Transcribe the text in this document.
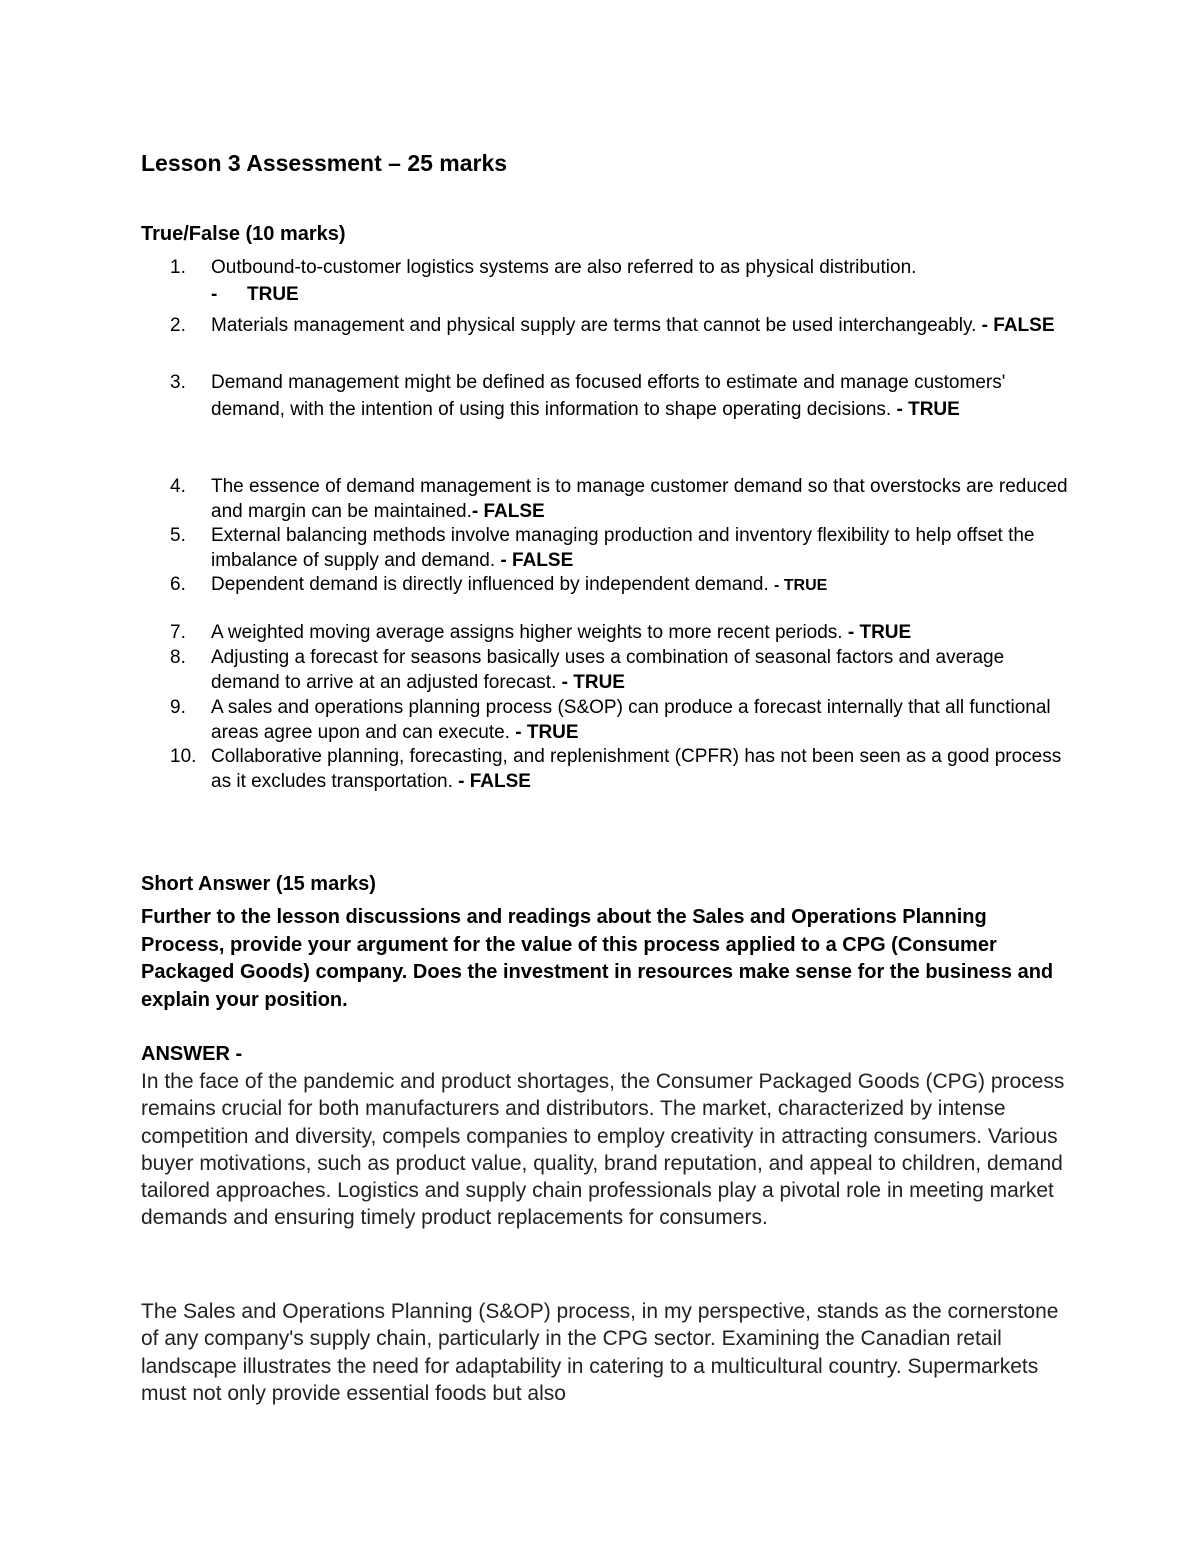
Lesson 3 Assessment – 25 marks
True/False (10 marks)
1.	Outbound-to-customer logistics systems are also referred to as physical distribution.
- TRUE
2.	Materials management and physical supply are terms that cannot be used interchangeably. - FALSE
3.	Demand management might be defined as focused efforts to estimate and manage customers' demand, with the intention of using this information to shape operating decisions. - TRUE
4.	The essence of demand management is to manage customer demand so that overstocks are reduced and margin can be maintained.- FALSE
5.	External balancing methods involve managing production and inventory flexibility to help offset the imbalance of supply and demand. - FALSE
6.	Dependent demand is directly influenced by independent demand. - TRUE
7.	A weighted moving average assigns higher weights to more recent periods. - TRUE
8.	Adjusting a forecast for seasons basically uses a combination of seasonal factors and average demand to arrive at an adjusted forecast. - TRUE
9.	A sales and operations planning process (S&OP) can produce a forecast internally that all functional areas agree upon and can execute. - TRUE
10. Collaborative planning, forecasting, and replenishment (CPFR) has not been seen as a good process as it excludes transportation. - FALSE
Short Answer (15 marks)
Further to the lesson discussions and readings about the Sales and Operations Planning Process, provide your argument for the value of this process applied to a CPG (Consumer Packaged Goods) company. Does the investment in resources make sense for the business and explain your position.
ANSWER -
In the face of the pandemic and product shortages, the Consumer Packaged Goods (CPG) process remains crucial for both manufacturers and distributors. The market, characterized by intense competition and diversity, compels companies to employ creativity in attracting consumers. Various buyer motivations, such as product value, quality, brand reputation, and appeal to children, demand tailored approaches. Logistics and supply chain professionals play a pivotal role in meeting market demands and ensuring timely product replacements for consumers.
The Sales and Operations Planning (S&OP) process, in my perspective, stands as the cornerstone of any company's supply chain, particularly in the CPG sector. Examining the Canadian retail landscape illustrates the need for adaptability in catering to a multicultural country. Supermarkets must not only provide essential foods but also
